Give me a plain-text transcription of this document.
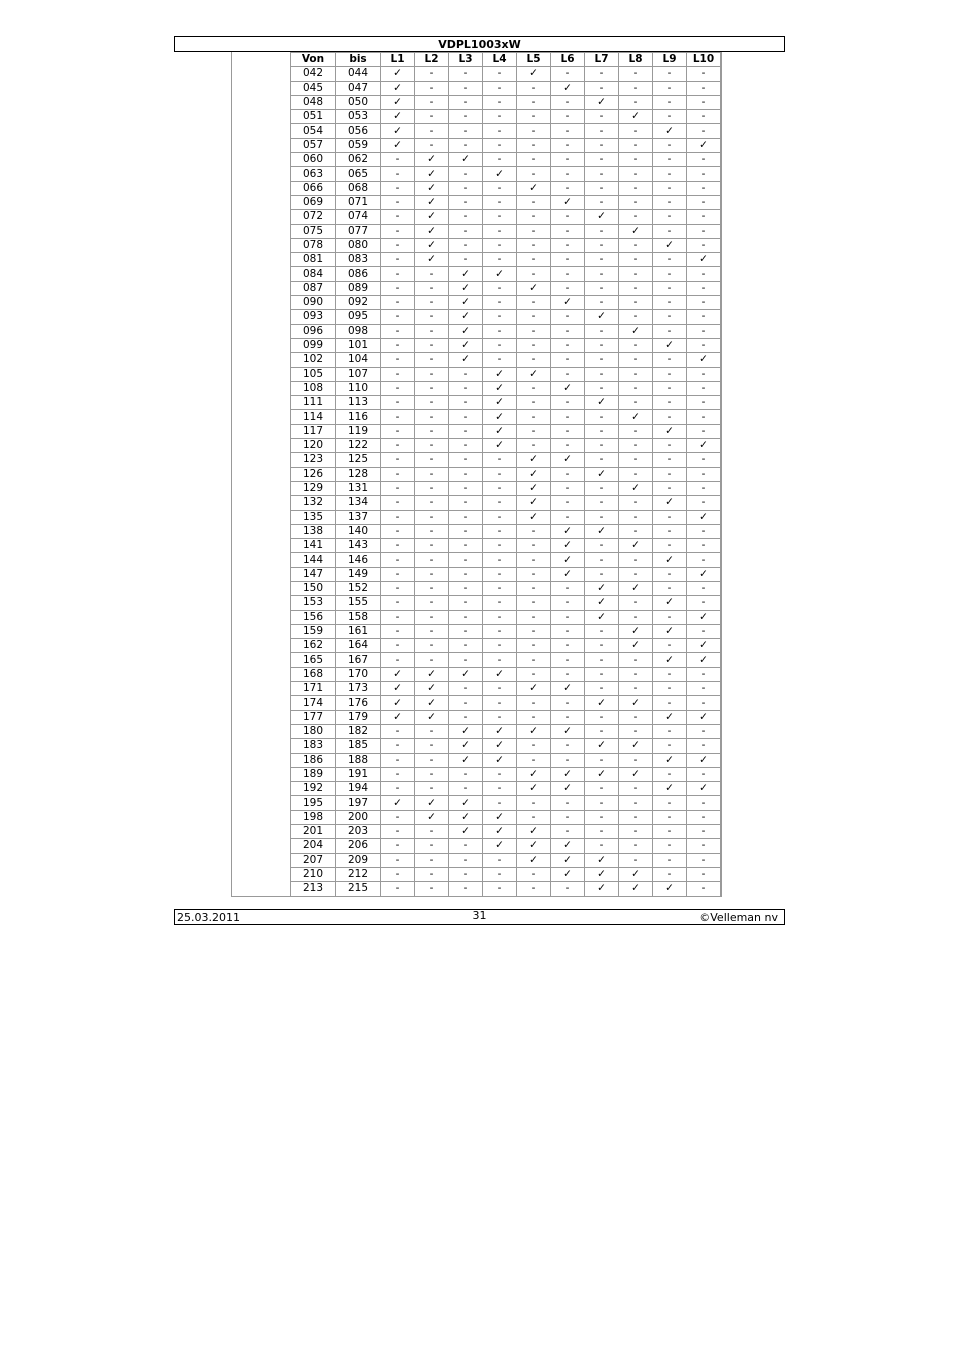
VDPL1003xW
Von	bis	L1	L2	L3	L4	L5	L6	L7	L8	L9	L10
042	044	✓	-	-	-	✓	-	-	-	-	-
045	047	✓	-	-	-	-	✓	-	-	-	-
048	050	✓	-	-	-	-	-	✓	-	-	-
051	053	✓	-	-	-	-	-	-	✓	-	-
054	056	✓	-	-	-	-	-	-	-	✓	-
057	059	✓	-	-	-	-	-	-	-	-	✓
060	062	-	✓	✓	-	-	-	-	-	-	-
063	065	-	✓	-	✓	-	-	-	-	-	-
066	068	-	✓	-	-	✓	-	-	-	-	-
069	071	-	✓	-	-	-	✓	-	-	-	-
072	074	-	✓	-	-	-	-	✓	-	-	-
075	077	-	✓	-	-	-	-	-	✓	-	-
078	080	-	✓	-	-	-	-	-	-	✓	-
081	083	-	✓	-	-	-	-	-	-	-	✓
084	086	-	-	✓	✓	-	-	-	-	-	-
087	089	-	-	✓	-	✓	-	-	-	-	-
090	092	-	-	✓	-	-	✓	-	-	-	-
093	095	-	-	✓	-	-	-	✓	-	-	-
096	098	-	-	✓	-	-	-	-	✓	-	-
099	101	-	-	✓	-	-	-	-	-	✓	-
102	104	-	-	✓	-	-	-	-	-	-	✓
105	107	-	-	-	✓	✓	-	-	-	-	-
108	110	-	-	-	✓	-	✓	-	-	-	-
111	113	-	-	-	✓	-	-	✓	-	-	-
114	116	-	-	-	✓	-	-	-	✓	-	-
117	119	-	-	-	✓	-	-	-	-	✓	-
120	122	-	-	-	✓	-	-	-	-	-	✓
123	125	-	-	-	-	✓	✓	-	-	-	-
126	128	-	-	-	-	✓	-	✓	-	-	-
129	131	-	-	-	-	✓	-	-	✓	-	-
132	134	-	-	-	-	✓	-	-	-	✓	-
135	137	-	-	-	-	✓	-	-	-	-	✓
138	140	-	-	-	-	-	✓	✓	-	-	-
141	143	-	-	-	-	-	✓	-	✓	-	-
144	146	-	-	-	-	-	✓	-	-	✓	-
147	149	-	-	-	-	-	✓	-	-	-	✓
150	152	-	-	-	-	-	-	✓	✓	-	-
153	155	-	-	-	-	-	-	✓	-	✓	-
156	158	-	-	-	-	-	-	✓	-	-	✓
159	161	-	-	-	-	-	-	-	✓	✓	-
162	164	-	-	-	-	-	-	-	✓	-	✓
165	167	-	-	-	-	-	-	-	-	✓	✓
168	170	✓	✓	✓	✓	-	-	-	-	-	-
171	173	✓	✓	-	-	✓	✓	-	-	-	-
174	176	✓	✓	-	-	-	-	✓	✓	-	-
177	179	✓	✓	-	-	-	-	-	-	✓	✓
180	182	-	-	✓	✓	✓	✓	-	-	-	-
183	185	-	-	✓	✓	-	-	✓	✓	-	-
186	188	-	-	✓	✓	-	-	-	-	✓	✓
189	191	-	-	-	-	✓	✓	✓	✓	-	-
192	194	-	-	-	-	✓	✓	-	-	✓	✓
195	197	✓	✓	✓	-	-	-	-	-	-	-
198	200	-	✓	✓	✓	-	-	-	-	-	-
201	203	-	-	✓	✓	✓	-	-	-	-	-
204	206	-	-	-	✓	✓	✓	-	-	-	-
207	209	-	-	-	-	✓	✓	✓	-	-	-
210	212	-	-	-	-	-	✓	✓	✓	-	-
213	215	-	-	-	-	-	-	✓	✓	✓	-
25.03.2011	31	©Velleman nv
